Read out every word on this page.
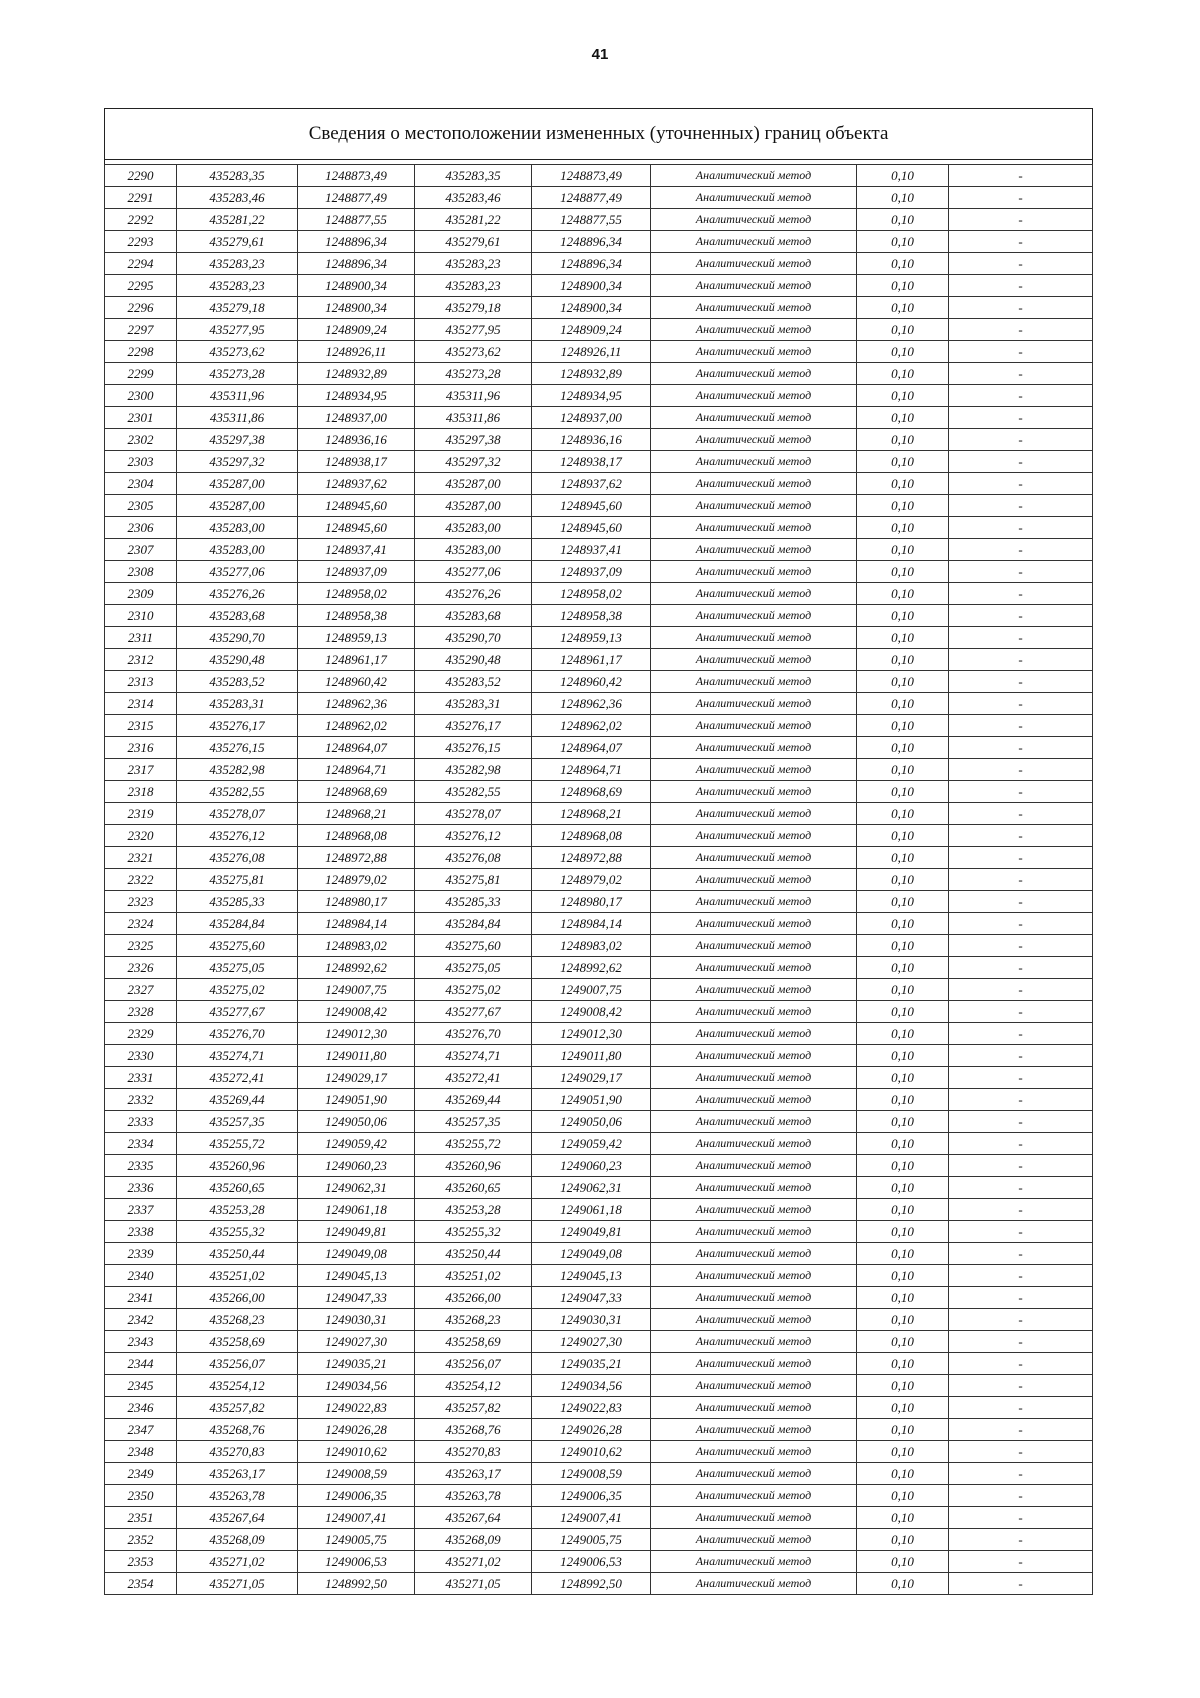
41
Сведения о местоположении измененных (уточненных) границ объекта							

2290	435283,35	1248873,49	435283,35	1248873,49	Аналитический метод	0,10	-
2291	435283,46	1248877,49	435283,46	1248877,49	Аналитический метод	0,10	-
2292	435281,22	1248877,55	435281,22	1248877,55	Аналитический метод	0,10	-
2293	435279,61	1248896,34	435279,61	1248896,34	Аналитический метод	0,10	-
2294	435283,23	1248896,34	435283,23	1248896,34	Аналитический метод	0,10	-
2295	435283,23	1248900,34	435283,23	1248900,34	Аналитический метод	0,10	-
2296	435279,18	1248900,34	435279,18	1248900,34	Аналитический метод	0,10	-
2297	435277,95	1248909,24	435277,95	1248909,24	Аналитический метод	0,10	-
2298	435273,62	1248926,11	435273,62	1248926,11	Аналитический метод	0,10	-
2299	435273,28	1248932,89	435273,28	1248932,89	Аналитический метод	0,10	-
2300	435311,96	1248934,95	435311,96	1248934,95	Аналитический метод	0,10	-
2301	435311,86	1248937,00	435311,86	1248937,00	Аналитический метод	0,10	-
2302	435297,38	1248936,16	435297,38	1248936,16	Аналитический метод	0,10	-
2303	435297,32	1248938,17	435297,32	1248938,17	Аналитический метод	0,10	-
2304	435287,00	1248937,62	435287,00	1248937,62	Аналитический метод	0,10	-
2305	435287,00	1248945,60	435287,00	1248945,60	Аналитический метод	0,10	-
2306	435283,00	1248945,60	435283,00	1248945,60	Аналитический метод	0,10	-
2307	435283,00	1248937,41	435283,00	1248937,41	Аналитический метод	0,10	-
2308	435277,06	1248937,09	435277,06	1248937,09	Аналитический метод	0,10	-
2309	435276,26	1248958,02	435276,26	1248958,02	Аналитический метод	0,10	-
2310	435283,68	1248958,38	435283,68	1248958,38	Аналитический метод	0,10	-
2311	435290,70	1248959,13	435290,70	1248959,13	Аналитический метод	0,10	-
2312	435290,48	1248961,17	435290,48	1248961,17	Аналитический метод	0,10	-
2313	435283,52	1248960,42	435283,52	1248960,42	Аналитический метод	0,10	-
2314	435283,31	1248962,36	435283,31	1248962,36	Аналитический метод	0,10	-
2315	435276,17	1248962,02	435276,17	1248962,02	Аналитический метод	0,10	-
2316	435276,15	1248964,07	435276,15	1248964,07	Аналитический метод	0,10	-
2317	435282,98	1248964,71	435282,98	1248964,71	Аналитический метод	0,10	-
2318	435282,55	1248968,69	435282,55	1248968,69	Аналитический метод	0,10	-
2319	435278,07	1248968,21	435278,07	1248968,21	Аналитический метод	0,10	-
2320	435276,12	1248968,08	435276,12	1248968,08	Аналитический метод	0,10	-
2321	435276,08	1248972,88	435276,08	1248972,88	Аналитический метод	0,10	-
2322	435275,81	1248979,02	435275,81	1248979,02	Аналитический метод	0,10	-
2323	435285,33	1248980,17	435285,33	1248980,17	Аналитический метод	0,10	-
2324	435284,84	1248984,14	435284,84	1248984,14	Аналитический метод	0,10	-
2325	435275,60	1248983,02	435275,60	1248983,02	Аналитический метод	0,10	-
2326	435275,05	1248992,62	435275,05	1248992,62	Аналитический метод	0,10	-
2327	435275,02	1249007,75	435275,02	1249007,75	Аналитический метод	0,10	-
2328	435277,67	1249008,42	435277,67	1249008,42	Аналитический метод	0,10	-
2329	435276,70	1249012,30	435276,70	1249012,30	Аналитический метод	0,10	-
2330	435274,71	1249011,80	435274,71	1249011,80	Аналитический метод	0,10	-
2331	435272,41	1249029,17	435272,41	1249029,17	Аналитический метод	0,10	-
2332	435269,44	1249051,90	435269,44	1249051,90	Аналитический метод	0,10	-
2333	435257,35	1249050,06	435257,35	1249050,06	Аналитический метод	0,10	-
2334	435255,72	1249059,42	435255,72	1249059,42	Аналитический метод	0,10	-
2335	435260,96	1249060,23	435260,96	1249060,23	Аналитический метод	0,10	-
2336	435260,65	1249062,31	435260,65	1249062,31	Аналитический метод	0,10	-
2337	435253,28	1249061,18	435253,28	1249061,18	Аналитический метод	0,10	-
2338	435255,32	1249049,81	435255,32	1249049,81	Аналитический метод	0,10	-
2339	435250,44	1249049,08	435250,44	1249049,08	Аналитический метод	0,10	-
2340	435251,02	1249045,13	435251,02	1249045,13	Аналитический метод	0,10	-
2341	435266,00	1249047,33	435266,00	1249047,33	Аналитический метод	0,10	-
2342	435268,23	1249030,31	435268,23	1249030,31	Аналитический метод	0,10	-
2343	435258,69	1249027,30	435258,69	1249027,30	Аналитический метод	0,10	-
2344	435256,07	1249035,21	435256,07	1249035,21	Аналитический метод	0,10	-
2345	435254,12	1249034,56	435254,12	1249034,56	Аналитический метод	0,10	-
2346	435257,82	1249022,83	435257,82	1249022,83	Аналитический метод	0,10	-
2347	435268,76	1249026,28	435268,76	1249026,28	Аналитический метод	0,10	-
2348	435270,83	1249010,62	435270,83	1249010,62	Аналитический метод	0,10	-
2349	435263,17	1249008,59	435263,17	1249008,59	Аналитический метод	0,10	-
2350	435263,78	1249006,35	435263,78	1249006,35	Аналитический метод	0,10	-
2351	435267,64	1249007,41	435267,64	1249007,41	Аналитический метод	0,10	-
2352	435268,09	1249005,75	435268,09	1249005,75	Аналитический метод	0,10	-
2353	435271,02	1249006,53	435271,02	1249006,53	Аналитический метод	0,10	-
2354	435271,05	1248992,50	435271,05	1248992,50	Аналитический метод	0,10	-
